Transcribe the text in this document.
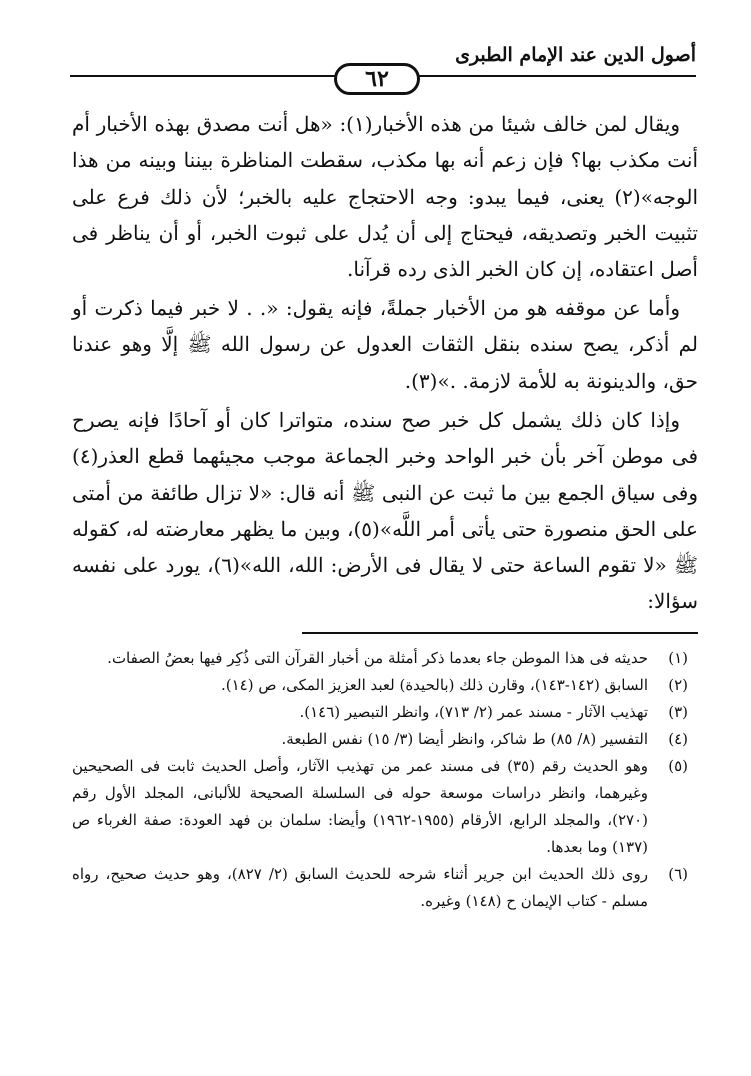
أصول الدين عند الإمام الطبرى
٦٢

ويقال لمن خالف شيئا من هذه الأخبار(١): «هل أنت مصدق بهذه الأخبار أم أنت مكذب بها؟ فإن زعم أنه بها مكذب، سقطت المناظرة بيننا وبينه من هذا الوجه»(٢) يعنى، فيما يبدو: وجه الاحتجاج عليه بالخبر؛ لأن ذلك فرع على تثبيت الخبر وتصديقه، فيحتاج إلى أن يُدل على ثبوت الخبر، أو أن يناظر فى أصل اعتقاده، إن كان الخبر الذى رده قرآنا.

وأما عن موقفه هو من الأخبار جملةً، فإنه يقول: «. . لا خبر فيما ذكرت أو لم أذكر، يصح سنده بنقل الثقات العدول عن رسول الله ﷺ إلَّا وهو عندنا حق، والدينونة به للأمة لازمة. .»(٣).

وإذا كان ذلك يشمل كل خبر صح سنده، متواترا كان أو آحادًا فإنه يصرح فى موطن آخر بأن خبر الواحد وخبر الجماعة موجب مجيئهما قطع العذر(٤) وفى سياق الجمع بين ما ثبت عن النبى ﷺ أنه قال: «لا تزال طائفة من أمتى على الحق منصورة حتى يأتى أمر اللَّه»(٥)، وبين ما يظهر معارضته له، كقوله ﷺ «لا تقوم الساعة حتى لا يقال فى الأرض: الله، الله»(٦)، يورد على نفسه سؤالا:

(١)
حديثه فى هذا الموطن جاء بعدما ذكر أمثلة من أخبار القرآن التى ذُكِر فيها بعضُ الصفات.
(٢)
السابق (١٤٢-١٤٣)، وقارن ذلك (بالحيدة) لعبد العزيز المكى، ص (١٤).
(٣)
تهذيب الآثار - مسند عمر (٢/ ٧١٣)، وانظر التبصير (١٤٦).
(٤)
التفسير (٨/ ٨٥) ط شاكر، وانظر أيضا (٣/ ١٥) نفس الطبعة.
(٥)
وهو الحديث رقم (٣٥) فى مسند عمر من تهذيب الآثار، وأصل الحديث ثابت فى الصحيحين وغيرهما، وانظر دراسات موسعة حوله فى السلسلة الصحيحة للألبانى، المجلد الأول رقم (٢٧٠)، والمجلد الرابع، الأرقام (١٩٥٥-١٩٦٢) وأيضا: سلمان بن فهد العودة: صفة الغرباء ص (١٣٧) وما بعدها.
(٦)
روى ذلك الحديث ابن جرير أثناء شرحه للحديث السابق (٢/ ٨٢٧)، وهو حديث صحيح، رواه مسلم - كتاب الإيمان ح (١٤٨) وغيره.
